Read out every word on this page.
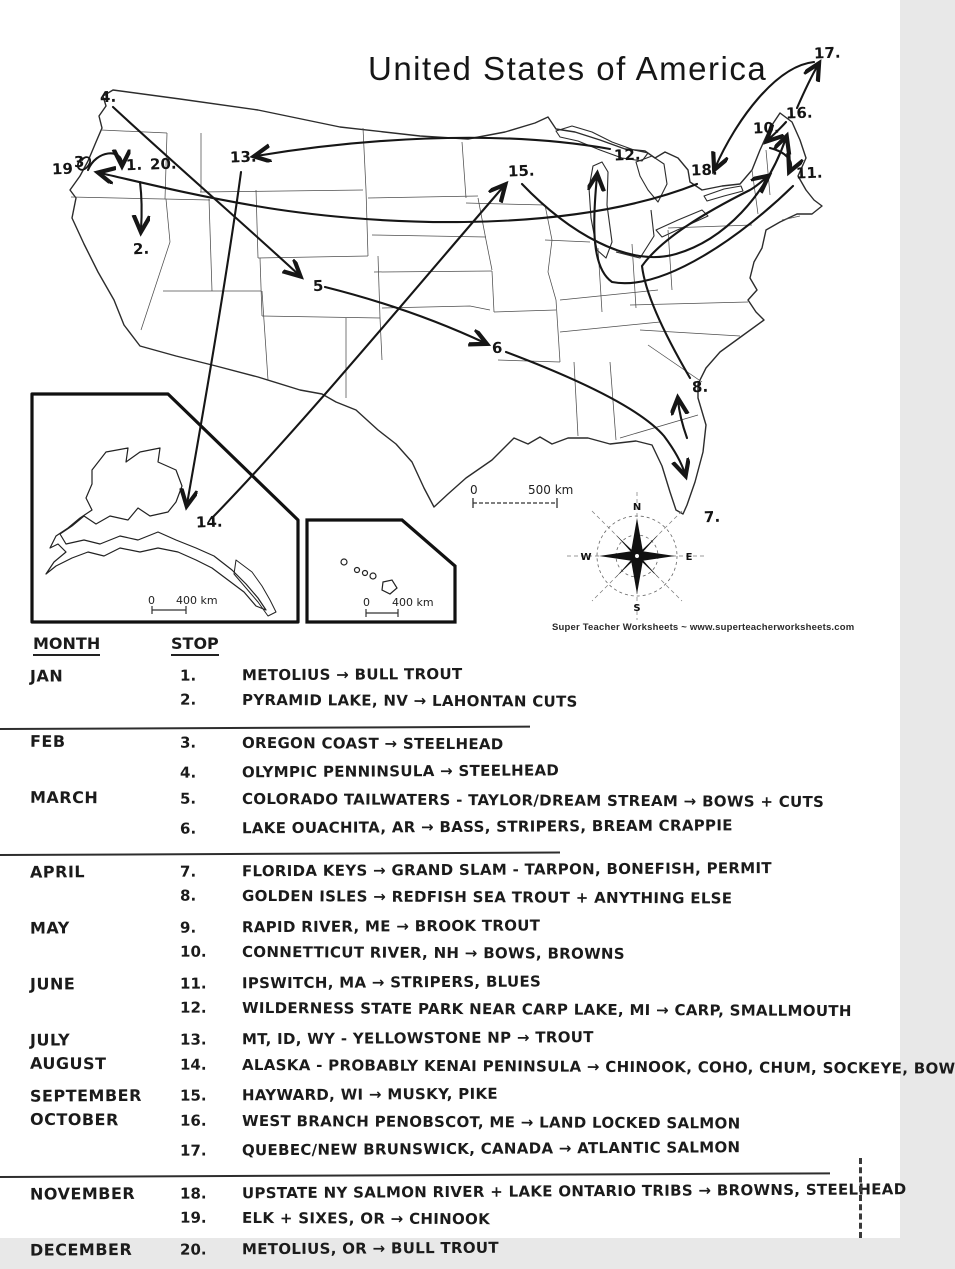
United States of America
0 400 km	0 400 km
0	500 km
N
S
W	E
4.
19 3	1. 20.
2.
13.
5
6
15.
12.
18.
10.
16.
17.
11.
8.
7.
14.
Super Teacher Worksheets ~ www.superteacherworksheets.com
MONTH	STOP
JAN	1.	METOLIUS → BULL TROUT
2.	PYRAMID LAKE, NV → LAHONTAN CUTS
FEB	3.	OREGON COAST → STEELHEAD
4.	OLYMPIC PENNINSULA → STEELHEAD
MARCH	5.	COLORADO TAILWATERS - TAYLOR/DREAM STREAM → BOWS + CUTS
6.	LAKE OUACHITA, AR → BASS, STRIPERS, BREAM CRAPPIE
APRIL	7.	FLORIDA KEYS → GRAND SLAM - TARPON, BONEFISH, PERMIT
8.	GOLDEN ISLES → REDFISH SEA TROUT + ANYTHING ELSE
MAY	9.	RAPID RIVER, ME → BROOK TROUT
10.	CONNETTICUT RIVER, NH → BOWS, BROWNS
JUNE	11.	IPSWITCH, MA → STRIPERS, BLUES
12.	WILDERNESS STATE PARK NEAR CARP LAKE, MI → CARP, SMALLMOUTH
JULY	13.	MT, ID, WY - YELLOWSTONE NP → TROUT
AUGUST	14.	ALASKA - PROBABLY KENAI PENINSULA → CHINOOK, COHO, CHUM, SOCKEYE, BOW
SEPTEMBER	15.	HAYWARD, WI → MUSKY, PIKE
OCTOBER	16.	WEST BRANCH PENOBSCOT, ME → LAND LOCKED SALMON
17.	QUEBEC/NEW BRUNSWICK, CANADA → ATLANTIC SALMON
NOVEMBER	18.	UPSTATE NY SALMON RIVER + LAKE ONTARIO TRIBS → BROWNS, STEELHEAD
19.	ELK + SIXES, OR → CHINOOK
DECEMBER	20.	METOLIUS, OR → BULL TROUT
